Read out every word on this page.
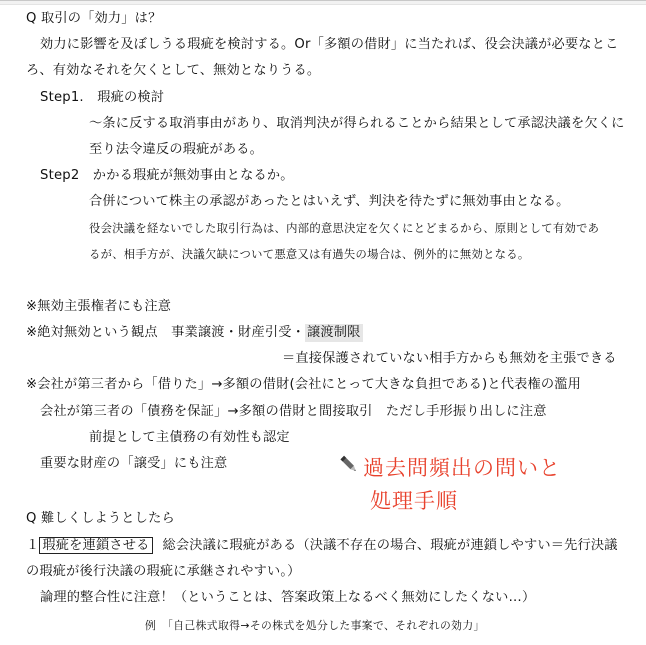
Q 取引の「効力」は？
効力に影響を及ぼしうる瑕疵を検討する。Or「多額の借財」に当たれば、役会決議が必要なとこ
ろ、有効なそれを欠くとして、無効となりうる。
Step1.　瑕疵の検討
～条に反する取消事由があり、取消判決が得られることから結果として承認決議を欠くに
至り法令違反の瑕疵がある。
Step2　かかる瑕疵が無効事由となるか。
合併について株主の承認があったとはいえず、判決を待たずに無効事由となる。
役会決議を経ないでした取引行為は、内部的意思決定を欠くにとどまるから、原則として有効であ
るが、相手方が、決議欠缺について悪意又は有過失の場合は、例外的に無効となる。
※無効主張権者にも注意
※絶対無効という観点　事業譲渡・財産引受・ 譲渡制限
＝直接保護されていない相手方からも無効を主張できる
※会社が第三者から「借りた」→多額の借財(会社にとって大きな負担である)と代表権の濫用
会社が第三者の「債務を保証」→多額の借財と間接取引　ただし手形振り出しに注意
前提として主債務の有効性も認定
重要な財産の「譲受」にも注意	過去問頻出の問いと
処理手順
Q 難しくしようとしたら
１ 瑕疵を連鎖させる 総会決議に瑕疵がある（決議不存在の場合、瑕疵が連鎖しやすい＝先行決議
の瑕疵が後行決議の瑕疵に承継されやすい。）
論理的整合性に注意！（ということは、答案政策上なるべく無効にしたくない…）
例　「自己株式取得→その株式を処分した事案で、それぞれの効力」
